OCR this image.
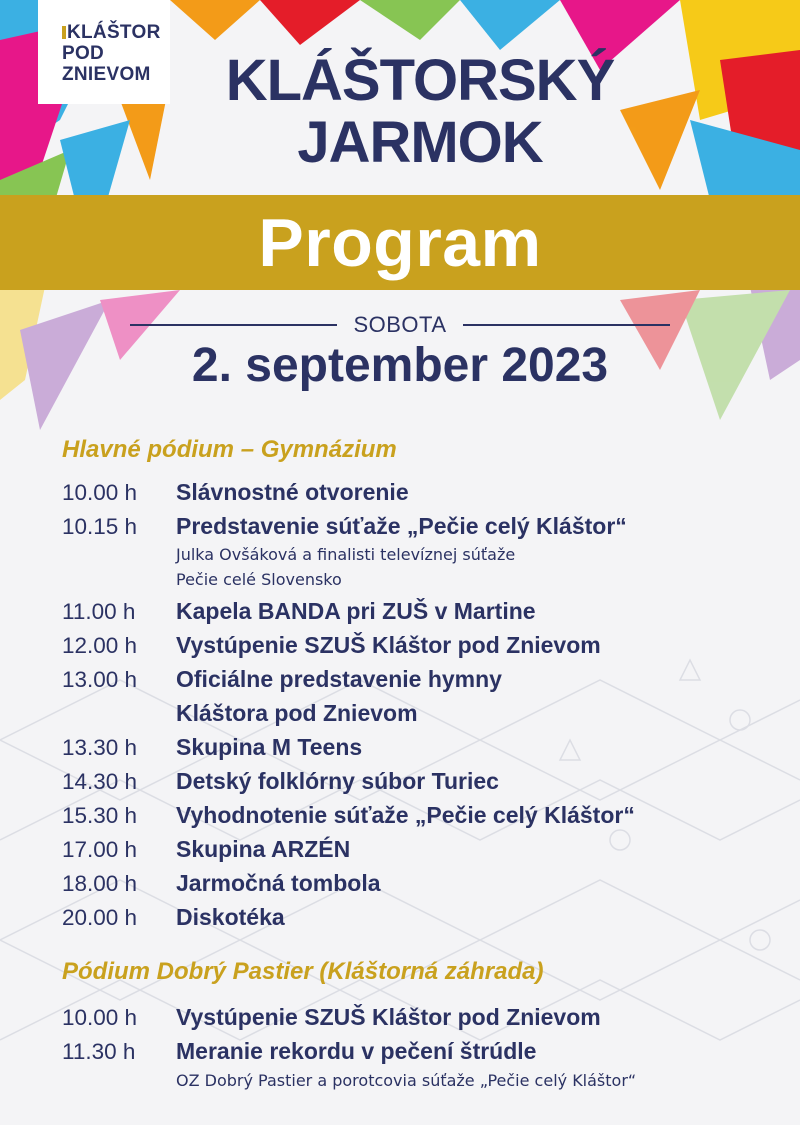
KLÁŠTOR
POD
ZNIEVOM	KLÁŠTORSKÝ
JARMOK
Program
SOBOTA
2. september 2023
Hlavné pódium – Gymnázium
10.00 h	Slávnostné otvorenie
10.15 h	Predstavenie súťaže „Pečie celý Kláštor“
Julka Ovšáková a finalisti televíznej súťaže
Pečie celé Slovensko
11.00 h	Kapela BANDA pri ZUŠ v Martine
12.00 h	Vystúpenie SZUŠ Kláštor pod Znievom
13.00 h	Oficiálne predstavenie hymny
Kláštora pod Znievom
13.30 h	Skupina M Teens
14.30 h	Detský folklórny súbor Turiec
15.30 h	Vyhodnotenie súťaže „Pečie celý Kláštor“
17.00 h	Skupina ARZÉN
18.00 h	Jarmočná tombola
20.00 h	Diskotéka
Pódium Dobrý Pastier (Kláštorná záhrada)
10.00 h	Vystúpenie SZUŠ Kláštor pod Znievom
11.30 h	Meranie rekordu v pečení štrúdle
OZ Dobrý Pastier a porotcovia súťaže „Pečie celý Kláštor“
